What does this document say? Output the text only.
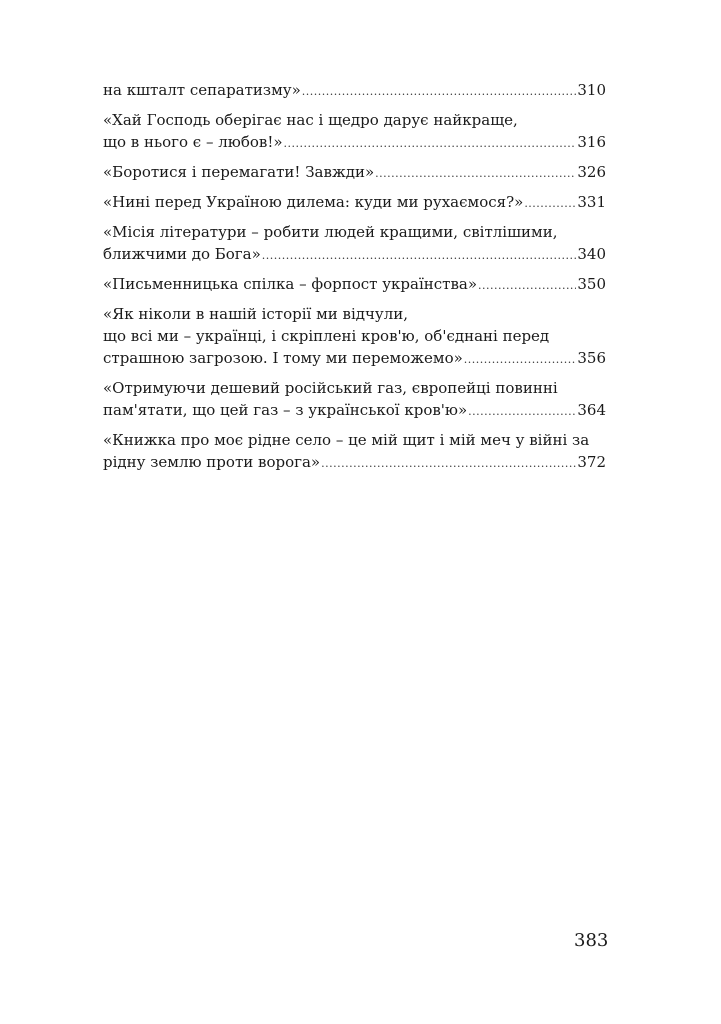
на кшталт сепаратизму» .....	310
«Хай Господь оберігає нас і щедро дарує найкраще,
що в нього є – любов!» .....	316
«Боротися і перемагати! Завжди» .....	326
«Нині перед Україною дилема: куди ми рухаємося?» .....	331
«Місія літератури – робити людей кращими, світлішими,
ближчими до Бога» .....	340
«Письменницька спілка – форпост українства» .....	350
«Як ніколи в нашій історії ми відчули,
що всі ми – українці, і скріплені кров'ю, об'єднані перед
страшною загрозою. І тому ми переможемо» .....	356
«Отримуючи дешевий російський газ, європейці повинні
пам'ятати, що цей газ – з української кров'ю» .....	364
«Книжка про моє рідне село – це мій щит і мій меч у війні за
рідну землю проти ворога» .....	372
383
